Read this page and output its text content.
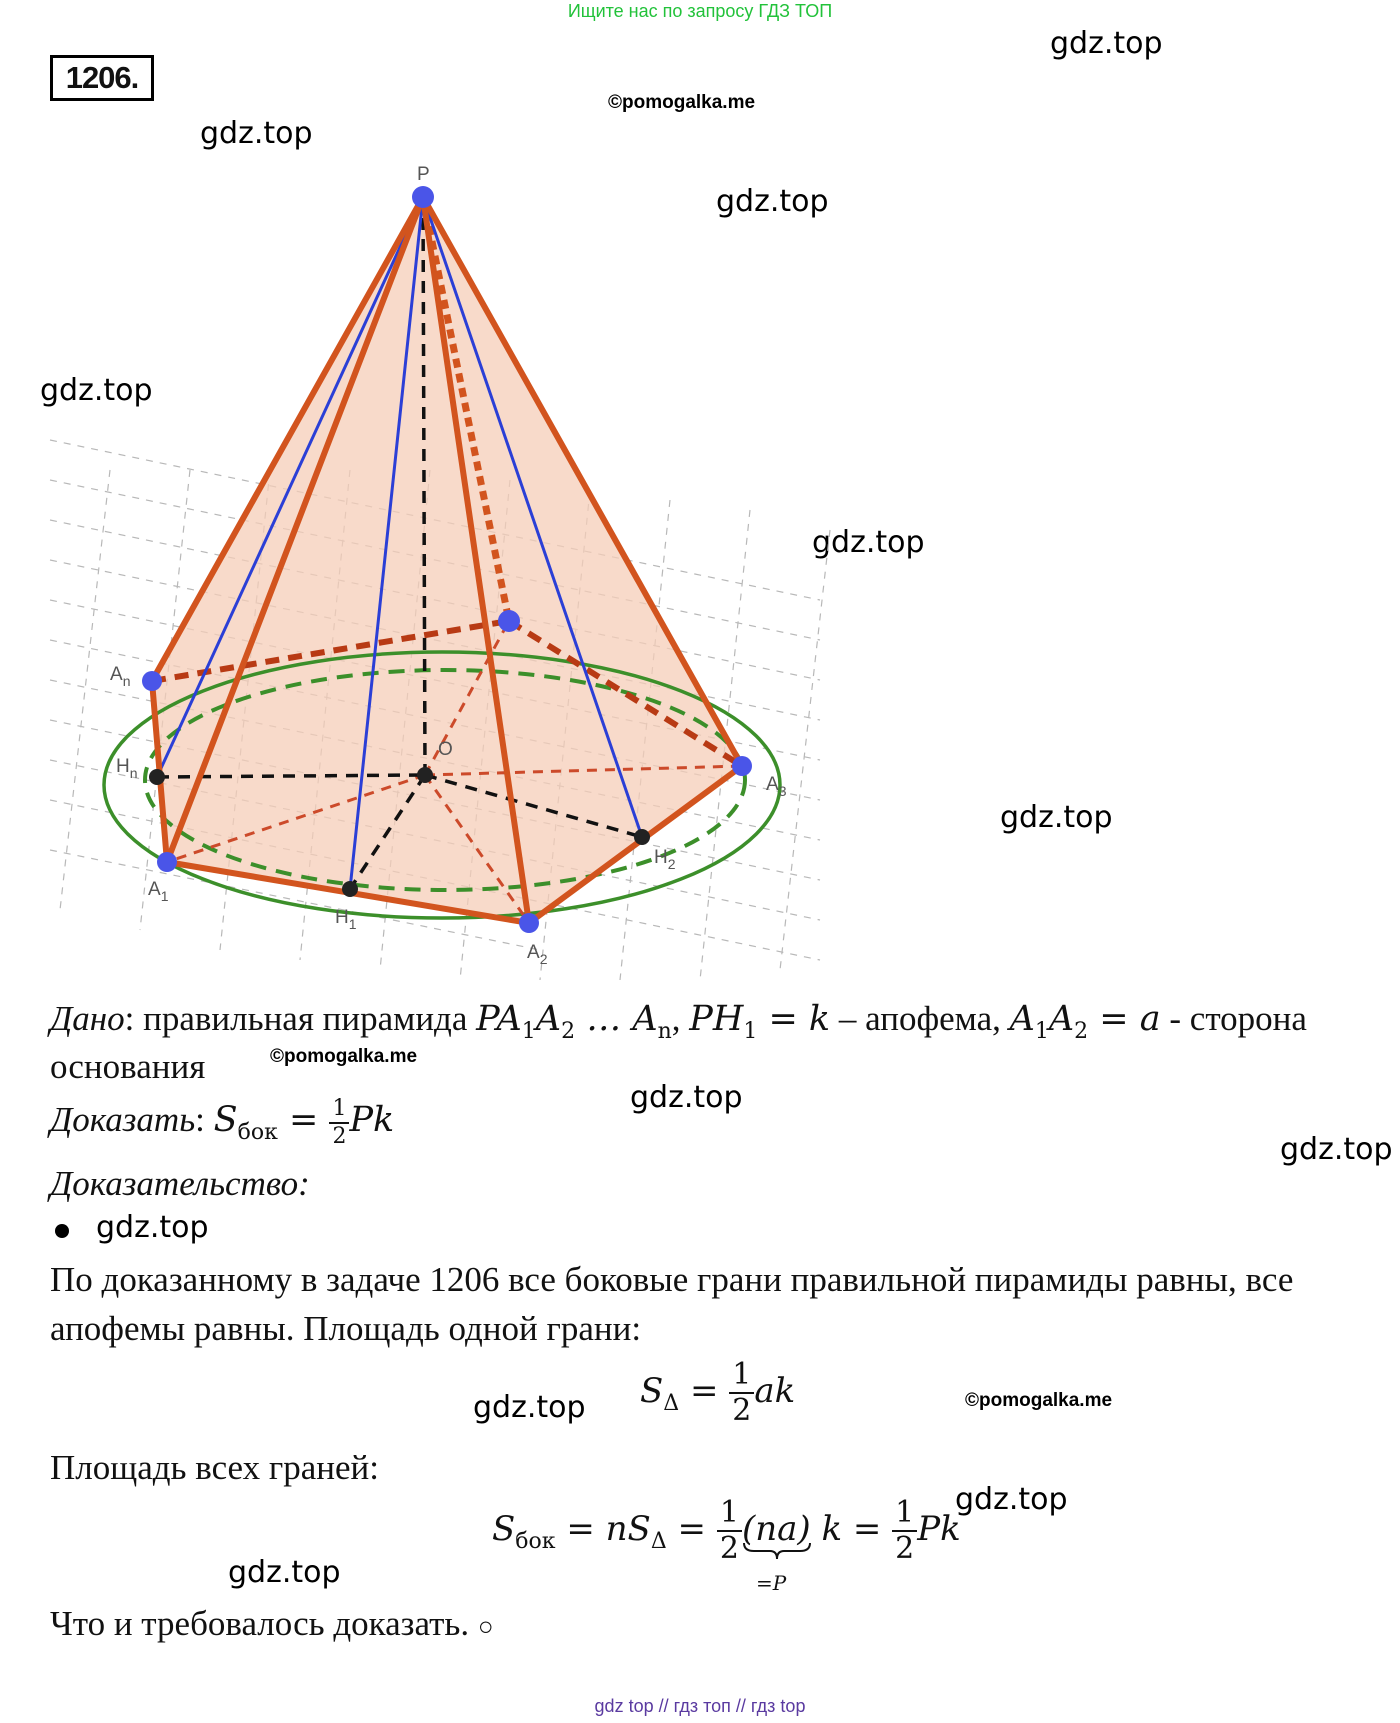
Ищите нас по запросу ГДЗ ТОП
1206.
gdz.top
©pomogalka.me
gdz.top
gdz.top
gdz.top
gdz.top
gdz.top
P
O
$A_n$
$H_n$
$A_1$
$H_1$
$A_2$
$A_3$
$H_2$
Дано: правильная пирамида $PA_1A_2$ … $A_n$, $PH_1 = k$ – апофема, $A_1A_2 = a$ - сторона
основания	©pomogalka.me
gdz.top
Доказать: $S_{бок} = \frac{1}{2}$ Pk
gdz.top
Доказательство:
gdz.top
По доказанному в задаче 1206 все боковые грани правильной пирамиды равны, все
апофемы равны. Площадь одной грани:
gdz.top $S_\Delta = \frac{1}{2}$ ak	©pomogalka.me
Площадь всех граней:
gdz.top
$S_{бок} = nS_\Delta = \frac{1}{2} (na)$
=P
$k = \frac{1}{2}$ Pk
gdz.top
Что и требовалось доказать. ○
gdz top // гдз топ // гдз top
